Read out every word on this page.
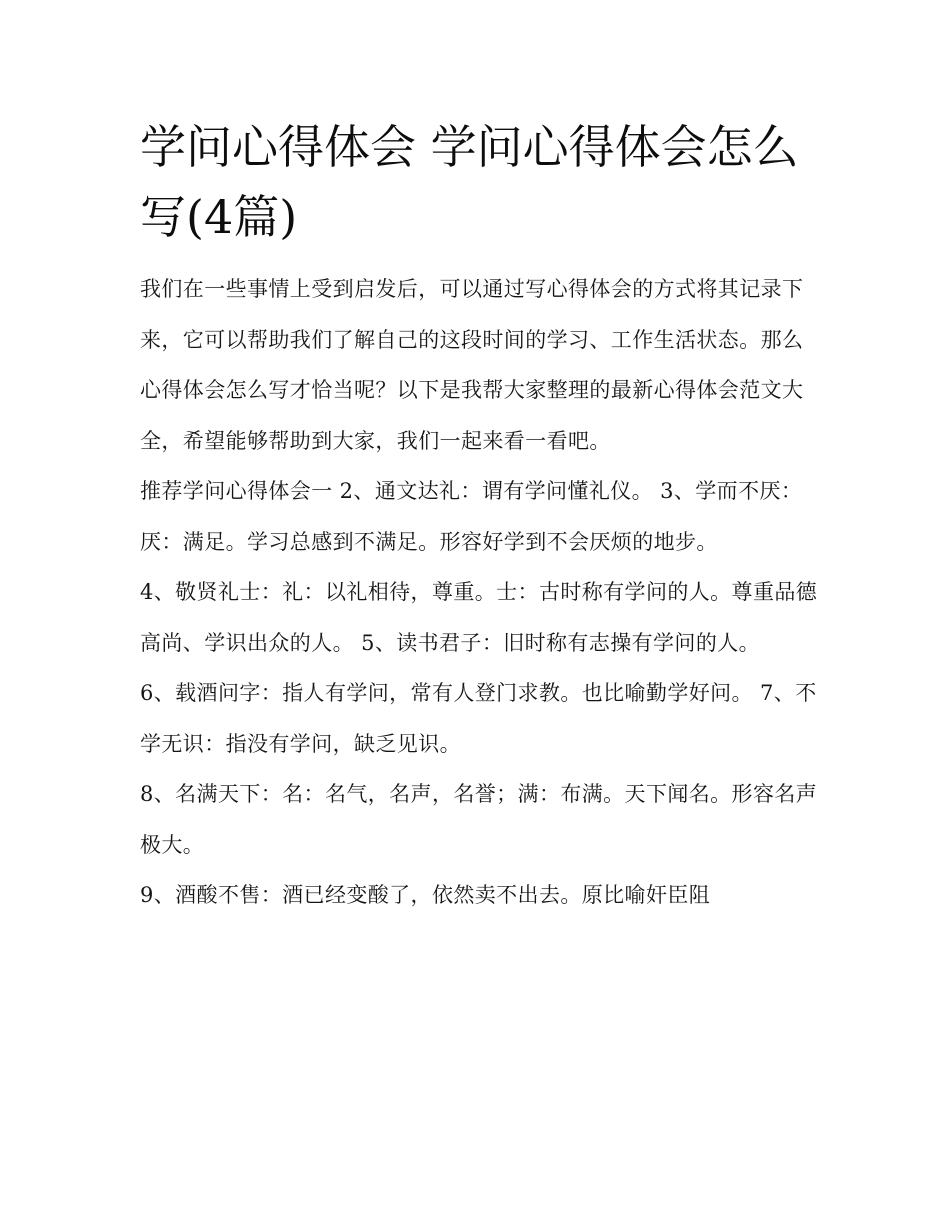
学问心得体会 学问心得体会怎么写(4篇)

我们在一些事情上受到启发后，可以通过写心得体会的方式将其记录下来，它可以帮助我们了解自己的这段时间的学习、工作生活状态。那么心得体会怎么写才恰当呢？以下是我帮大家整理的最新心得体会范文大全，希望能够帮助到大家，我们一起来看一看吧。

推荐学问心得体会一 2、通文达礼：谓有学问懂礼仪。 3、学而不厌：厌：满足。学习总感到不满足。形容好学到不会厌烦的地步。

4、敬贤礼士：礼：以礼相待，尊重。士：古时称有学问的人。尊重品德高尚、学识出众的人。 5、读书君子：旧时称有志操有学问的人。

6、载酒问字：指人有学问，常有人登门求教。也比喻勤学好问。 7、不学无识：指没有学问，缺乏见识。

8、名满天下：名：名气，名声，名誉；满：布满。天下闻名。形容名声极大。

9、酒酸不售：酒已经变酸了，依然卖不出去。原比喻奸臣阻
